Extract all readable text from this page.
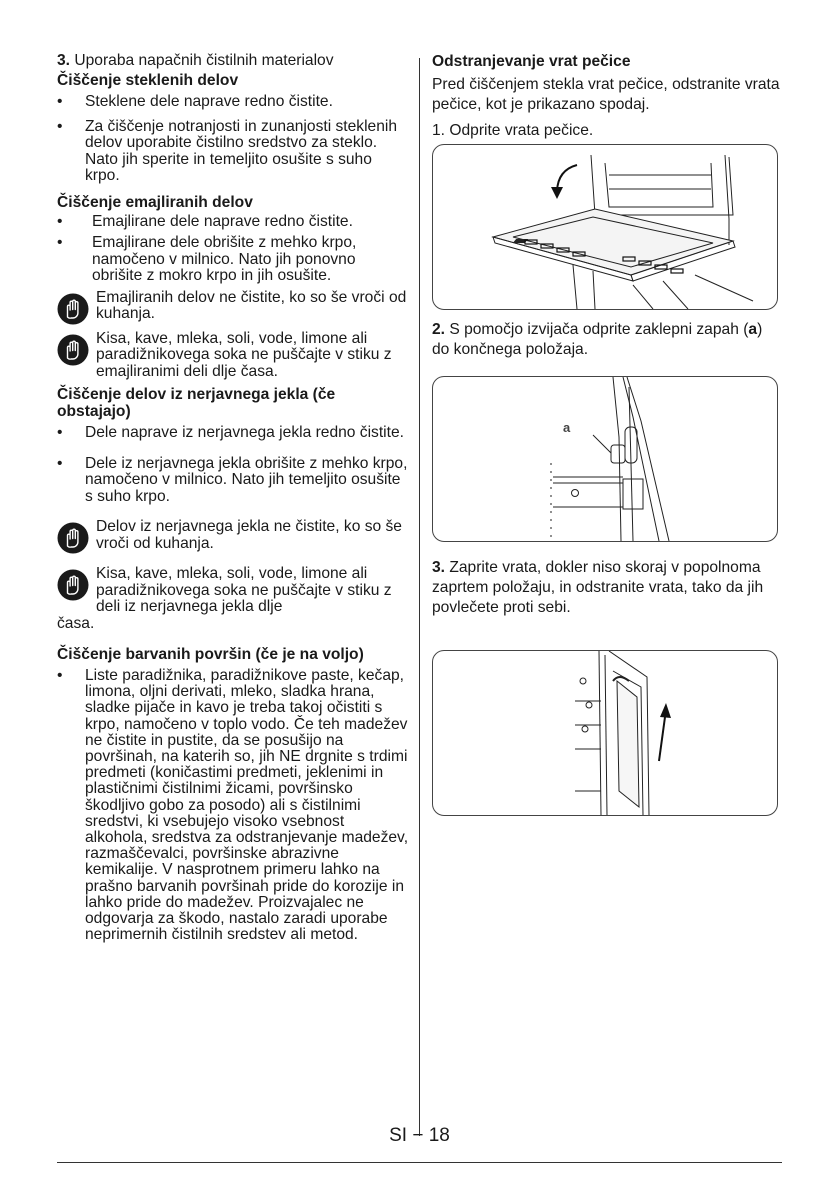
3. Uporaba napačnih čistilnih materialov

Čiščenje steklenih delov
• Steklene dele naprave redno čistite.
• Za čiščenje notranjosti in zunanjosti steklenih delov uporabite čistilno sredstvo za steklo. Nato jih sperite in temeljito osušite s suho krpo.
Čiščenje emajliranih delov
• Emajlirane dele naprave redno čistite.
• Emajlirane dele obrišite z mehko krpo, namočeno v milnico. Nato jih ponovno obrišite z mokro krpo in jih osušite.
Emajliranih delov ne čistite, ko so še vroči od kuhanja.
Kisa, kave, mleka, soli, vode, limone ali paradižnikovega soka ne puščajte v stiku z emajliranimi deli dlje časa.
Čiščenje delov iz nerjavnega jekla (če obstajajo)
• Dele naprave iz nerjavnega jekla redno čistite.
• Dele iz nerjavnega jekla obrišite z mehko krpo, namočeno v milnico. Nato jih temeljito osušite s suho krpo.
Delov iz nerjavnega jekla ne čistite, ko so še vroči od kuhanja.
Kisa, kave, mleka, soli, vode, limone ali paradižnikovega soka ne puščajte v stiku z deli iz nerjavnega jekla dlje
časa.
Čiščenje barvanih površin (če je na voljo)
• Liste paradižnika, paradižnikove paste, kečap, limona, oljni derivati, mleko, sladka hrana, sladke pijače in kavo je treba takoj očistiti s krpo, namočeno v toplo vodo. Če teh madežev ne čistite in pustite, da se posušijo na površinah, na katerih so, jih NE drgnite s trdimi predmeti (koničastimi predmeti, jeklenimi in plastičnimi čistilnimi žicami, površinsko škodljivo gobo za posodo) ali s čistilnimi sredstvi, ki vsebujejo visoko vsebnost alkohola, sredstva za odstranjevanje madežev, razmaščevalci, površinske abrazivne kemikalije. V nasprotnem primeru lahko na prašno barvanih površinah pride do korozije in lahko pride do madežev. Proizvajalec ne odgovarja za škodo, nastalo zaradi uporabe neprimernih čistilnih sredstev ali metod.
Odstranjevanje vrat pečice

Pred čiščenjem stekla vrat pečice, odstranite vrata pečice, kot je prikazano spodaj.

1. Odprite vrata pečice.

2. S pomočjo izvijača odprite zaklepni zapah (a) do končnega položaja.

a

3. Zaprite vrata, dokler niso skoraj v popolnoma zaprtem položaju, in odstranite vrata, tako da jih povlečete proti sebi.

SI − 18
